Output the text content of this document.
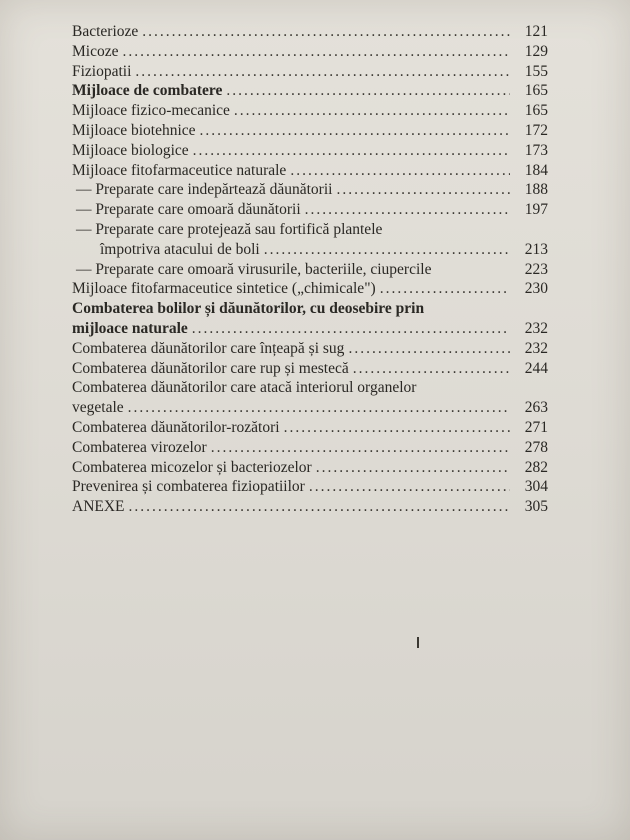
Bacterioze .....	121
Micoze .....	129
Fiziopatii .....	155
Mijloace de combatere .....	165
Mijloace fizico-mecanice .....	165
Mijloace biotehnice .....	172
Mijloace biologice .....	173
Mijloace fitofarmaceutice naturale .....	184
— Preparate care indepărtează dăunătorii .....	188
— Preparate care omoară dăunătorii .....	197
— Preparate care protejează sau fortifică plantele
împotriva atacului de boli .....	213
— Preparate care omoară virusurile, bacteriile, ciupercile	223
Mijloace fitofarmaceutice sintetice („chimicale") .....	230
Combaterea bolilor și dăunătorilor, cu deosebire prin
mijloace naturale .....	232
Combaterea dăunătorilor care înțeapă și sug .....	232
Combaterea dăunătorilor care rup și mestecă .....	244
Combaterea dăunătorilor care atacă interiorul organelor
vegetale .....	263
Combaterea dăunătorilor-rozători .....	271
Combaterea virozelor .....	278
Combaterea micozelor și bacteriozelor .....	282
Prevenirea și combaterea fiziopatiilor .....	304
ANEXE .....	305
